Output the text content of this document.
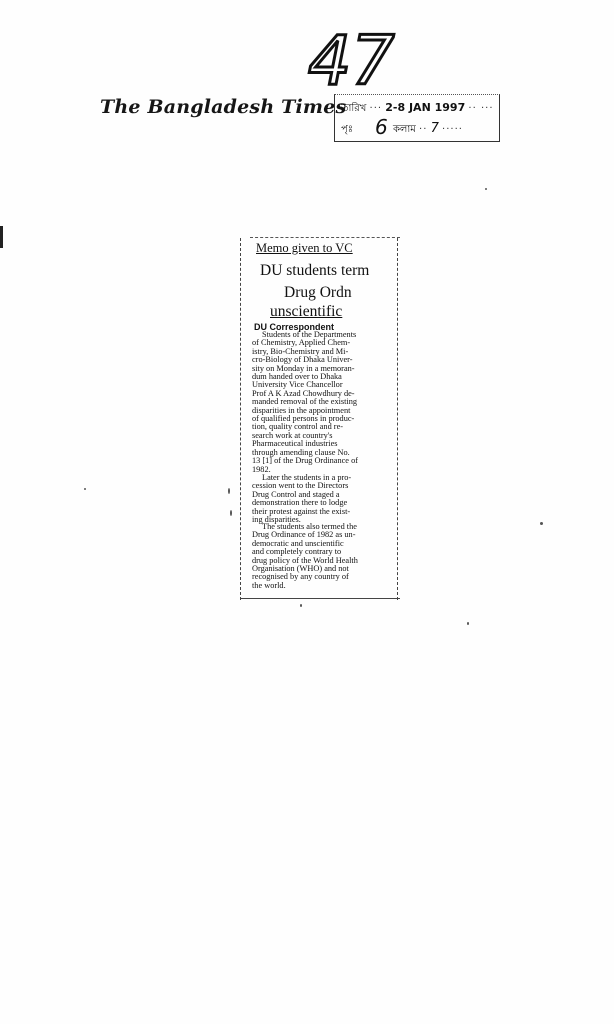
47
The Bangladesh Times
তারিখ ··· 2-8 JAN 1997 ·· ···
পৃঃ	কলাম ·· 7 ·····
6
Memo given to VC
DU students term
Drug Ordn
unscientific
DU Correspondent
Students of the Departments
of Chemistry, Applied Chem-
istry, Bio-Chemistry and Mi-
cro-Biology of Dhaka Univer-
sity on Monday in a memoran-
dum handed over to Dhaka
University Vice Chancellor
Prof A K Azad Chowdhury de-
manded removal of the existing
disparities in the appointment
of qualified persons in produc-
tion, quality control and re-
search work at country's
Pharmaceutical industries
through amending clause No.
13 [1] of the Drug Ordinance of
1982.
Later the students in a pro-
cession went to the Directors
Drug Control and staged a
demonstration there to lodge
their protest against the exist-
ing disparities.
The students also termed the
Drug Ordinance of 1982 as un-
democratic and unscientific
and completely contrary to
drug policy of the World Health
Organisation (WHO) and not
recognised by any country of
the world.
